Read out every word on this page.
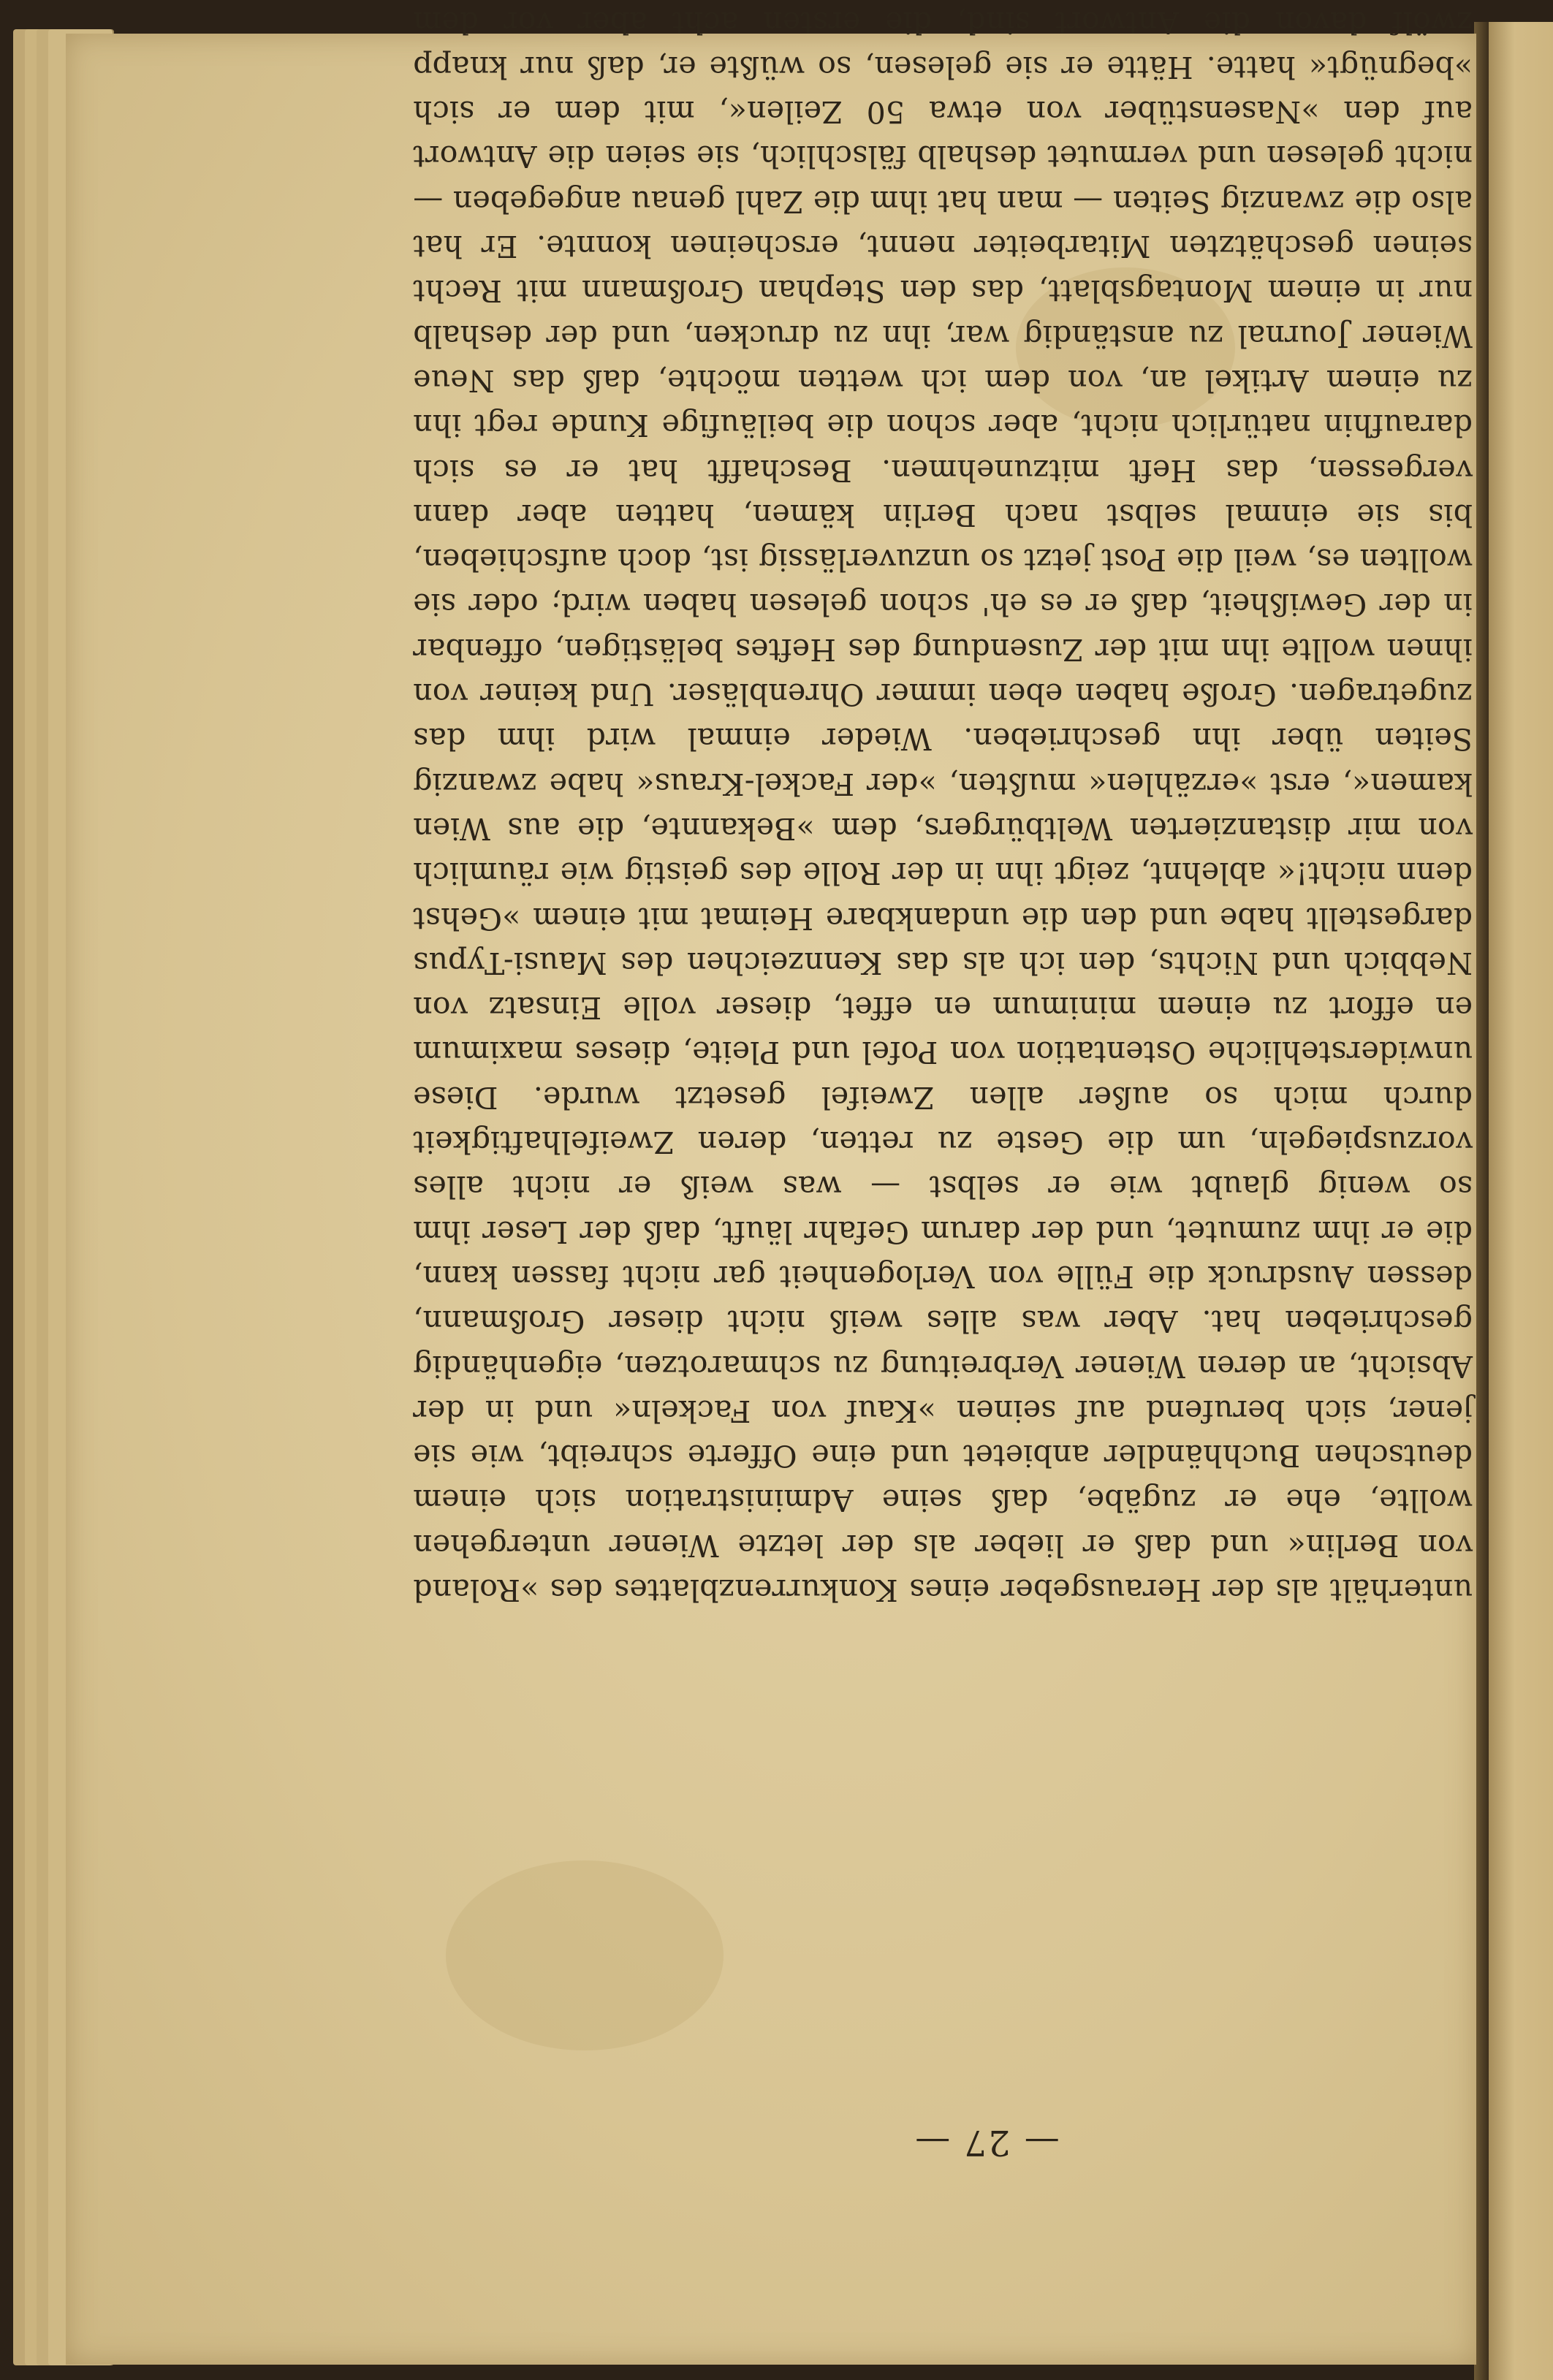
unterhält als der Herausgeber eines Konkurrenzblattes des »Roland von Berlin« und daß er lieber als der letzte Wiener untergehen wollte, ehe er zugäbe, daß seine Administration sich einem deutschen Buchhändler anbietet und eine Offerte schreibt, wie sie jener, sich berufend auf seinen »Kauf von Fackeln« und in der Absicht, an deren Wiener Verbreitung zu schmarotzen, eigenhändig geschrieben hat. Aber was alles weiß nicht dieser Großmann, dessen Ausdruck die Fülle von Verlogenheit gar nicht fassen kann, die er ihm zumutet, und der darum Gefahr läuft, daß der Leser ihm so wenig glaubt wie er selbst — was weiß er nicht alles vorzuspiegeln, um die Geste zu retten, deren Zweifelhaftigkeit durch mich so außer allen Zweifel gesetzt wurde. Diese unwiderstehliche Ostentation von Pofel und Pleite, dieses maximum en effort zu einem minimum en effet, dieser volle Einsatz von Nebbich und Nichts, den ich als das Kennzeichen des Mausi-Typus dargestellt habe und den die undankbare Heimat mit einem »Gehst denn nicht!« ablehnt, zeigt ihn in der Rolle des geistig wie räumlich von mir distanzierten Weltbürgers, dem »Bekannte, die aus Wien kamen«, erst »erzählen« mußten, »der Fackel-Kraus« habe zwanzig Seiten über ihn geschrieben. Wieder einmal wird ihm das zugetragen. Große haben eben immer Ohrenbläser. Und keiner von ihnen wollte ihn mit der Zusendung des Heftes belästigen, offenbar in der Gewißheit, daß er es eh' schon gelesen haben wird; oder sie wollten es, weil die Post jetzt so unzuverlässig ist, doch aufschieben, bis sie einmal selbst nach Berlin kämen, hatten aber dann vergessen, das Heft mitzunehmen. Beschafft hat er es sich daraufhin natürlich nicht, aber schon die beiläufige Kunde regt ihn zu einem Artikel an, von dem ich wetten möchte, daß das Neue Wiener Journal zu anständig war, ihn zu drucken, und der deshalb nur in einem Montagsblatt, das den Stephan Großmann mit Recht seinen geschätzten Mitarbeiter nennt, erscheinen konnte. Er hat also die zwanzig Seiten — man hat ihm die Zahl genau angegeben — nicht gelesen und vermutet deshalb fälschlich, sie seien die Antwort auf den »Nasenstüber von etwa 50 Zeilen«, mit dem er sich »begnügt« hatte. Hätte er sie gelesen, so wüßte er, daß nur knapp zwölf davon die Antwort sind, die ersten acht aber vor dem
— 27 —
